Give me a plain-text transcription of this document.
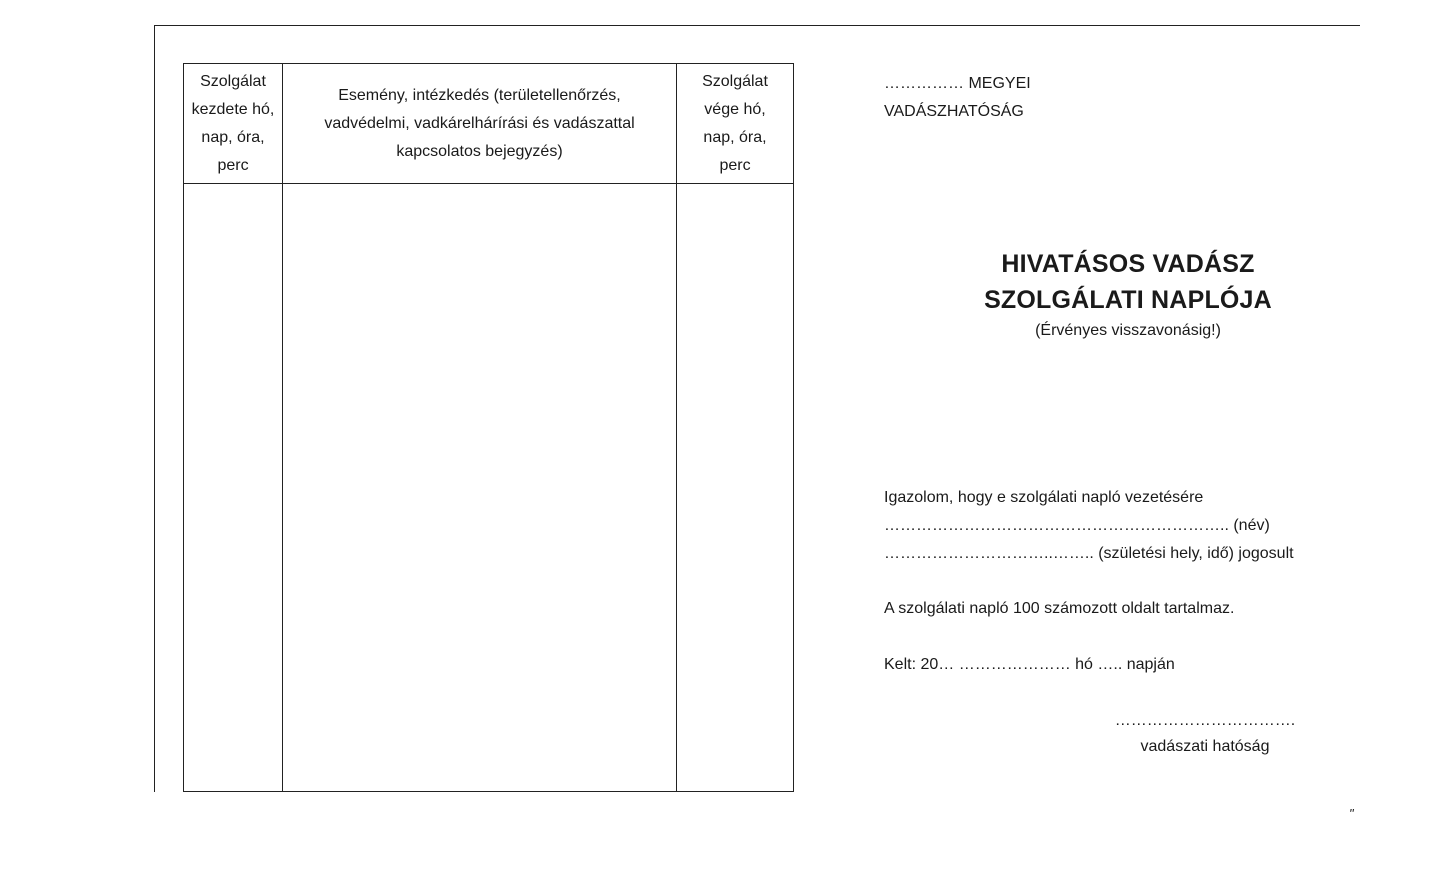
Szolgálat kezdete hó, nap, óra, perc
Esemény, intézkedés (területellenőrzés, vadvédelmi, vadkárelhárírási és vadászattal kapcsolatos bejegyzés)
Szolgálat vége hó, nap, óra, perc
…………… MEGYEI
VADÁSZHATÓSÁG
HIVATÁSOS VADÁSZ
SZOLGÁLATI NAPLÓJA
(Érvényes visszavonásig!)
Igazolom, hogy e szolgálati napló vezetésére
……………………………………………………….. (név)
…………………………..…….. (születési hely, idő) jogosult
A szolgálati napló 100 számozott oldalt tartalmaz.
Kelt: 20… ………………… hó ….. napján
…………………………….
vadászati hatóság
"
